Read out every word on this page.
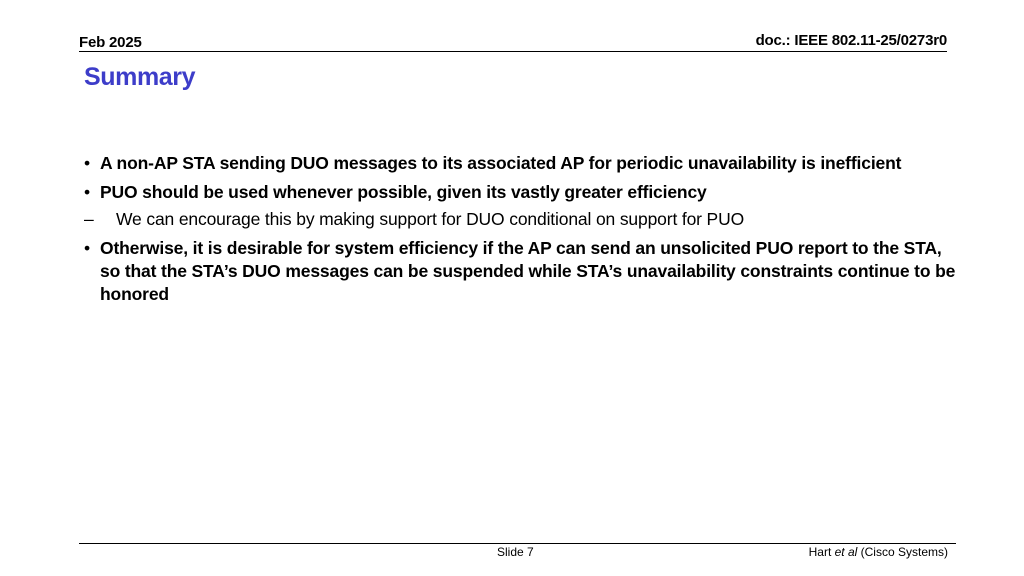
Feb 2025	doc.: IEEE 802.11-25/0273r0
Summary
• A non-AP STA sending DUO messages to its associated AP for periodic unavailability is inefficient
• PUO should be used whenever possible, given its vastly greater efficiency
– We can encourage this by making support for DUO conditional on support for PUO
• Otherwise, it is desirable for system efficiency if the AP can send an unsolicited PUO report to the STA, so that the STA’s DUO messages can be suspended while STA’s unavailability constraints continue to be honored
Slide 7	Hart et al (Cisco Systems)
